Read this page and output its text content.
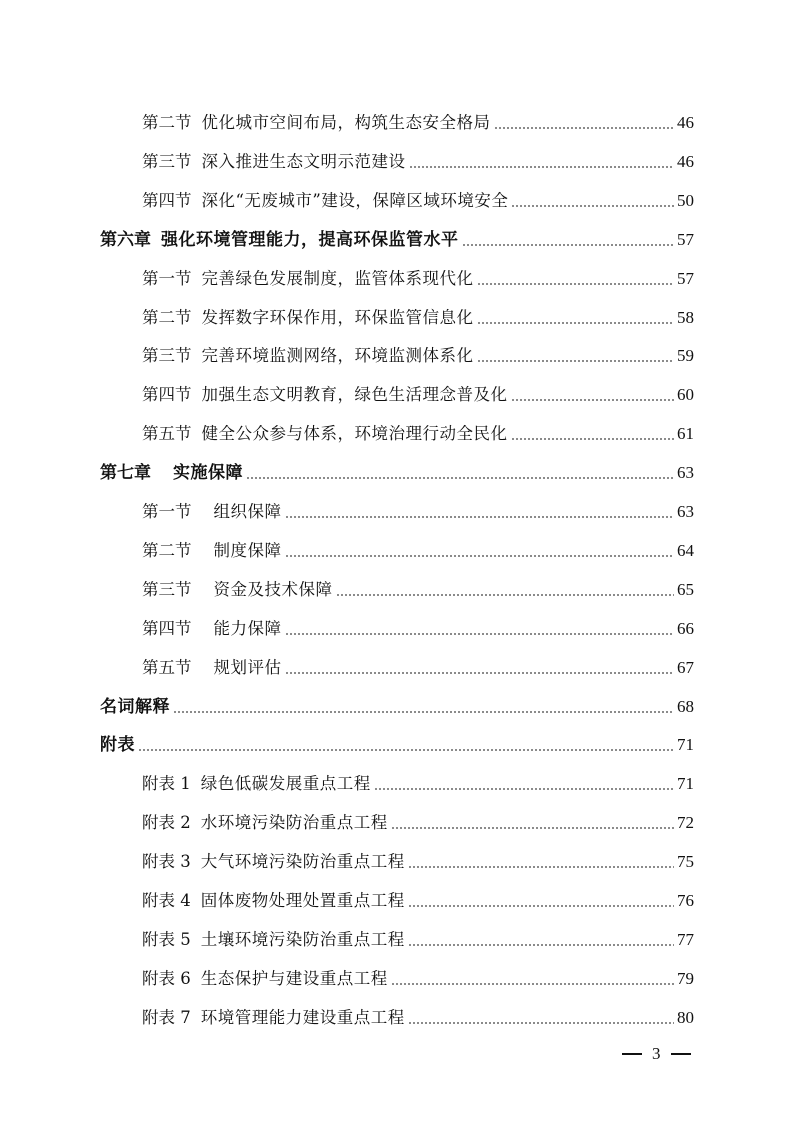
第二节 优化城市空间布局，构筑生态安全格局	46
第三节 深入推进生态文明示范建设	46
第四节 深化“无废城市”建设，保障区域环境安全	50
第六章 强化环境管理能力，提高环保监管水平	57
第一节 完善绿色发展制度，监管体系现代化	57
第二节 发挥数字环保作用，环保监管信息化	58
第三节 完善环境监测网络，环境监测体系化	59
第四节 加强生态文明教育，绿色生活理念普及化	60
第五节 健全公众参与体系，环境治理行动全民化	61
第七章 实施保障	63
第一节 组织保障	63
第二节 制度保障	64
第三节 资金及技术保障	65
第四节 能力保障	66
第五节 规划评估	67
名词解释	68
附表	71
附表 1 绿色低碳发展重点工程	71
附表 2 水环境污染防治重点工程	72
附表 3 大气环境污染防治重点工程	75
附表 4 固体废物处理处置重点工程	76
附表 5 土壤环境污染防治重点工程	77
附表 6 生态保护与建设重点工程	79
附表 7 环境管理能力建设重点工程	80
3
